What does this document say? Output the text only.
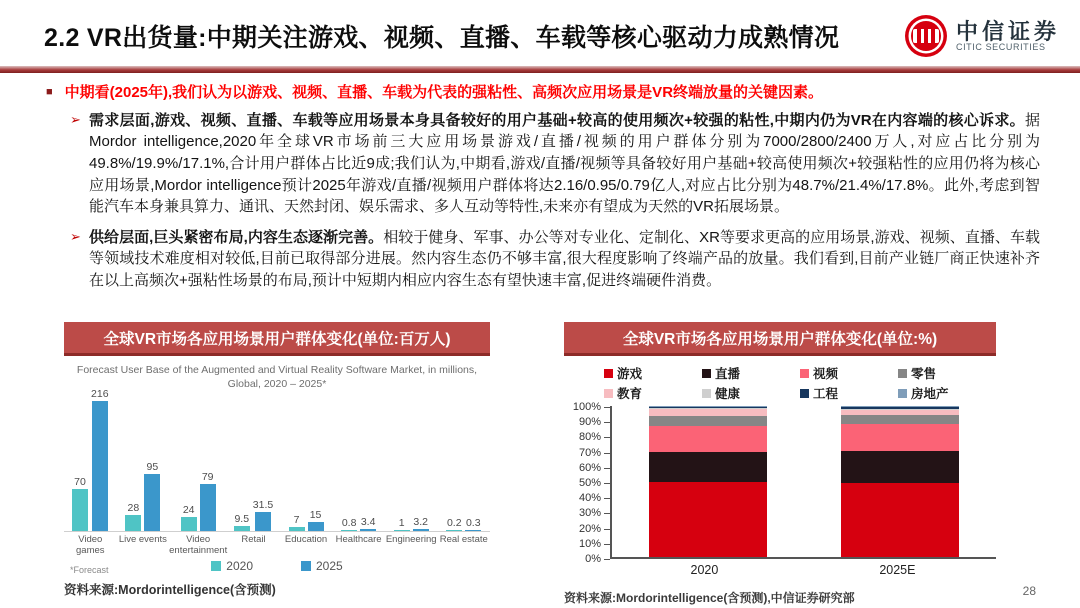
2.2 VR出货量:中期关注游戏、视频、直播、车载等核心驱动力成熟情况	中信证券
CITIC SECURITIES
■ 中期看(2025年),我们认为以游戏、视频、直播、车载为代表的强粘性、高频次应用场景是VR终端放量的关键因素。
➢ 需求层面,游戏、视频、直播、车载等应用场景本身具备较好的用户基础+较高的使用频次+较强的粘性,中期内仍为VR在内容端的核心诉求。据Mordor intelligence,2020年全球VR市场前三大应用场景游戏/直播/视频的用户群体分别为7000/2800/2400万人,对应占比分别为49.8%/19.9%/17.1%,合计用户群体占比近9成;我们认为,中期看,游戏/直播/视频等具备较好用户基础+较高使用频次+较强粘性的应用仍将为核心应用场景,Mordor intelligence预计2025年游戏/直播/视频用户群体将达2.16/0.95/0.79亿人,对应占比分别为48.7%/21.4%/17.8%。此外,考虑到智能汽车本身兼具算力、通讯、天然封闭、娱乐需求、多人互动等特性,未来亦有望成为天然的VR拓展场景。
➢ 供给层面,巨头紧密布局,内容生态逐渐完善。相较于健身、军事、办公等对专业化、定制化、XR等要求更高的应用场景,游戏、视频、直播、车载等领域技术难度相对较低,目前已取得部分进展。然内容生态仍不够丰富,很大程度影响了终端产品的放量。我们看到,目前产业链厂商正快速补齐在以上高频次+强粘性场景的布局,预计中短期内相应内容生态有望快速丰富,促进终端硬件消费。
全球VR市场各应用场景用户群体变化(单位:百万人)
Forecast User Base of the Augmented and Virtual Reality Software Market, in millions, Global, 2020 – 2025*
70
216
Video games
28
95
Live events
24
79
Video entertainment
9.5
31.5
Retail
7 15
Education
0.8 3.4
Healthcare
1 3.2
Engineering
0.2 0.3
Real estate
*Forecast	2020	2025
资料来源:Mordorintelligence(含预测)
全球VR市场各应用场景用户群体变化(单位:%)
游戏	直播	视频	零售
教育	健康	工程	房地产
100%
90%
80%
70%
60%
50%
40%
30%
20%
10%
0%
2020	2025E
资料来源:Mordorintelligence(含预测),中信证券研究部	28
